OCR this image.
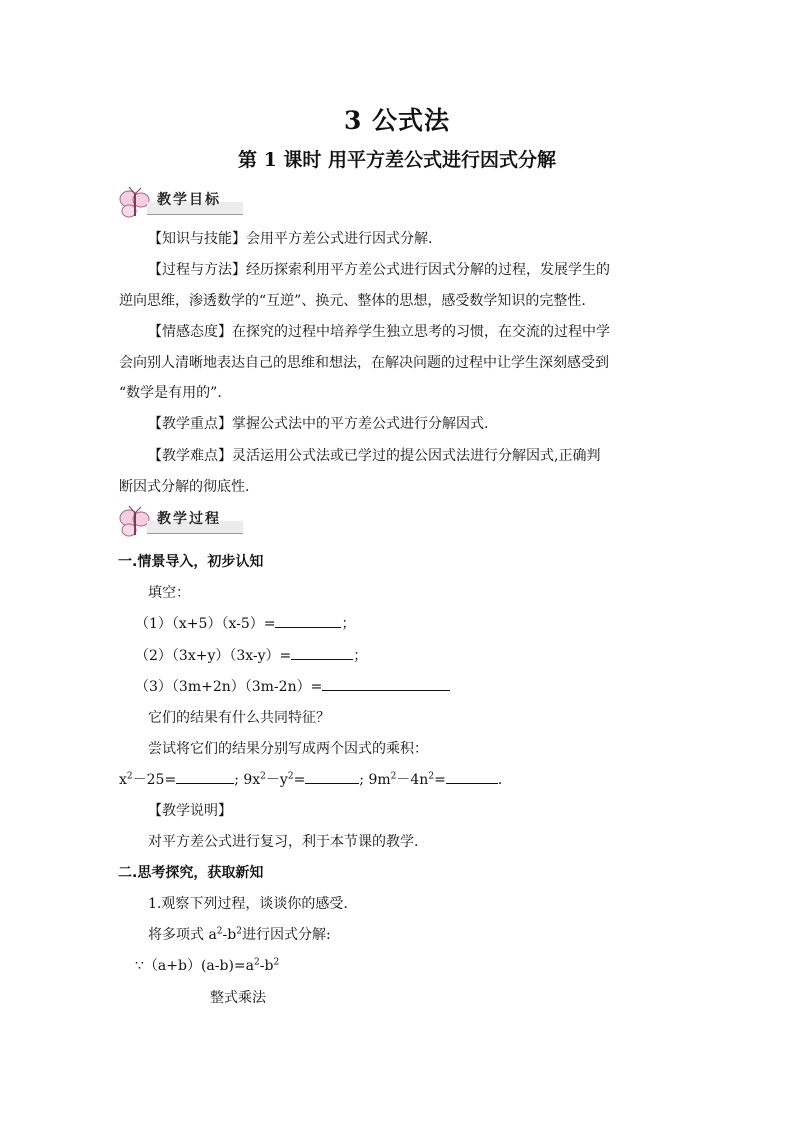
3 公式法
第 1 课时 用平方差公式进行因式分解
教学目标
【知识与技能】会用平方差公式进行因式分解.
【过程与方法】经历探索利用平方差公式进行因式分解的过程，发展学生的
逆向思维，渗透数学的“互逆”、换元、整体的思想，感受数学知识的完整性.
【情感态度】在探究的过程中培养学生独立思考的习惯，在交流的过程中学
会向别人清晰地表达自己的思维和想法，在解决问题的过程中让学生深刻感受到
“数学是有用的”.
【教学重点】掌握公式法中的平方差公式进行分解因式.
【教学难点】灵活运用公式法或已学过的提公因式法进行分解因式,正确判
断因式分解的彻底性.
教学过程
一.情景导入，初步认知
填空：
（1）（x+5）（x-5）=	；
（2）（3x+y）（3x-y）=	；
（3）（3m+2n）（3m-2n）=
它们的结果有什么共同特征？
尝试将它们的结果分别写成两个因式的乘积：
$x^2-25=$	; $9x^2-y^2=$	; $9m^2-4n^2=$	.
【教学说明】
对平方差公式进行复习，利于本节课的教学.
二.思考探究，获取新知
1.观察下列过程，谈谈你的感受.
将多项式 $a^2-b^2$进行因式分解:
$\because(a+b)(a-b)=a^2-b^2$
整式乘法
